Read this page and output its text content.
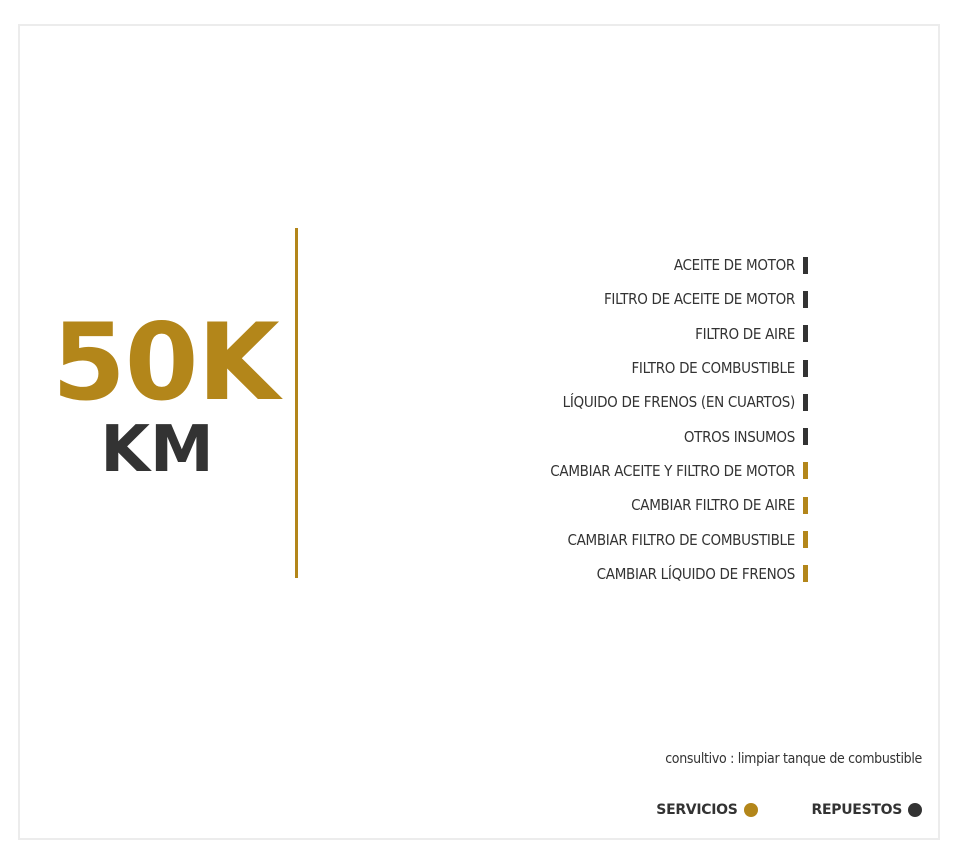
50K
KM
ACEITE DE MOTOR
FILTRO DE ACEITE DE MOTOR
FILTRO DE AIRE
FILTRO DE COMBUSTIBLE
LÍQUIDO DE FRENOS (EN CUARTOS)
OTROS INSUMOS
CAMBIAR ACEITE Y FILTRO DE MOTOR
CAMBIAR FILTRO DE AIRE
CAMBIAR FILTRO DE COMBUSTIBLE
CAMBIAR LÍQUIDO DE FRENOS
consultivo : limpiar tanque de combustible
SERVICIOS	REPUESTOS
